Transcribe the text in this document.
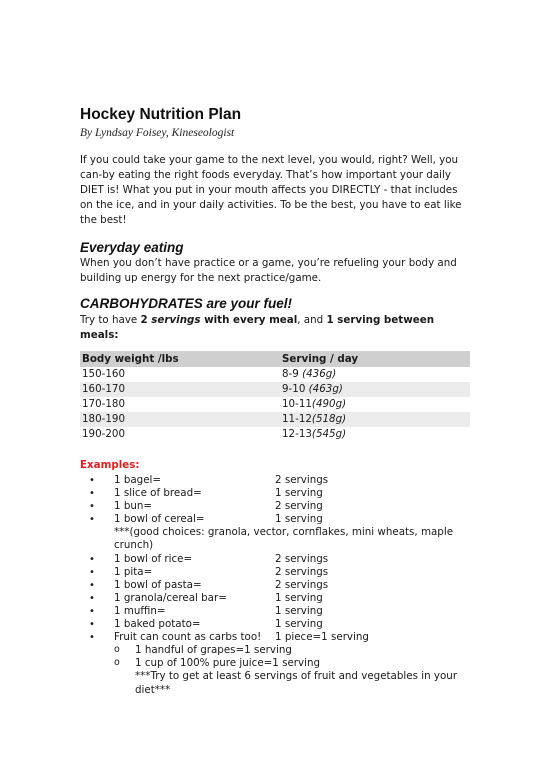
Hockey Nutrition Plan
By Lyndsay Foisey, Kineseologist

If you could take your game to the next level, you would, right? Well, you can-by eating the right foods everyday. That’s how important your daily DIET is! What you put in your mouth affects you DIRECTLY - that includes on the ice, and in your daily activities. To be the best, you have to eat like the best!

Everyday eating

When you don’t have practice or a game, you’re refueling your body and building up energy for the next practice/game.

CARBOHYDRATES are your fuel!

Try to have 2 servings with every meal, and 1 serving between meals:

Body weight /lbs	Serving / day
150-160	8-9 (436g)
160-170	9-10 (463g)
170-180	10-11(490g)
180-190	11-12(518g)
190-200	12-13(545g)
Examples:
• 1 bagel=	2 servings
• 1 slice of bread=	1 serving
• 1 bun=	2 serving
• 1 bowl of cereal=	1 serving
***(good choices: granola, vector, cornflakes, mini wheats, maple crunch)
• 1 bowl of rice=	2 servings
• 1 pita=	2 servings
• 1 bowl of pasta=	2 servings
• 1 granola/cereal bar=	1 serving
• 1 muffin=	1 serving
• 1 baked potato=	1 serving
• Fruit can count as carbs too! 1 piece=1 serving
o 1 handful of grapes=1 serving
o 1 cup of 100% pure juice=1 serving
***Try to get at least 6 servings of fruit and vegetables in your diet***
